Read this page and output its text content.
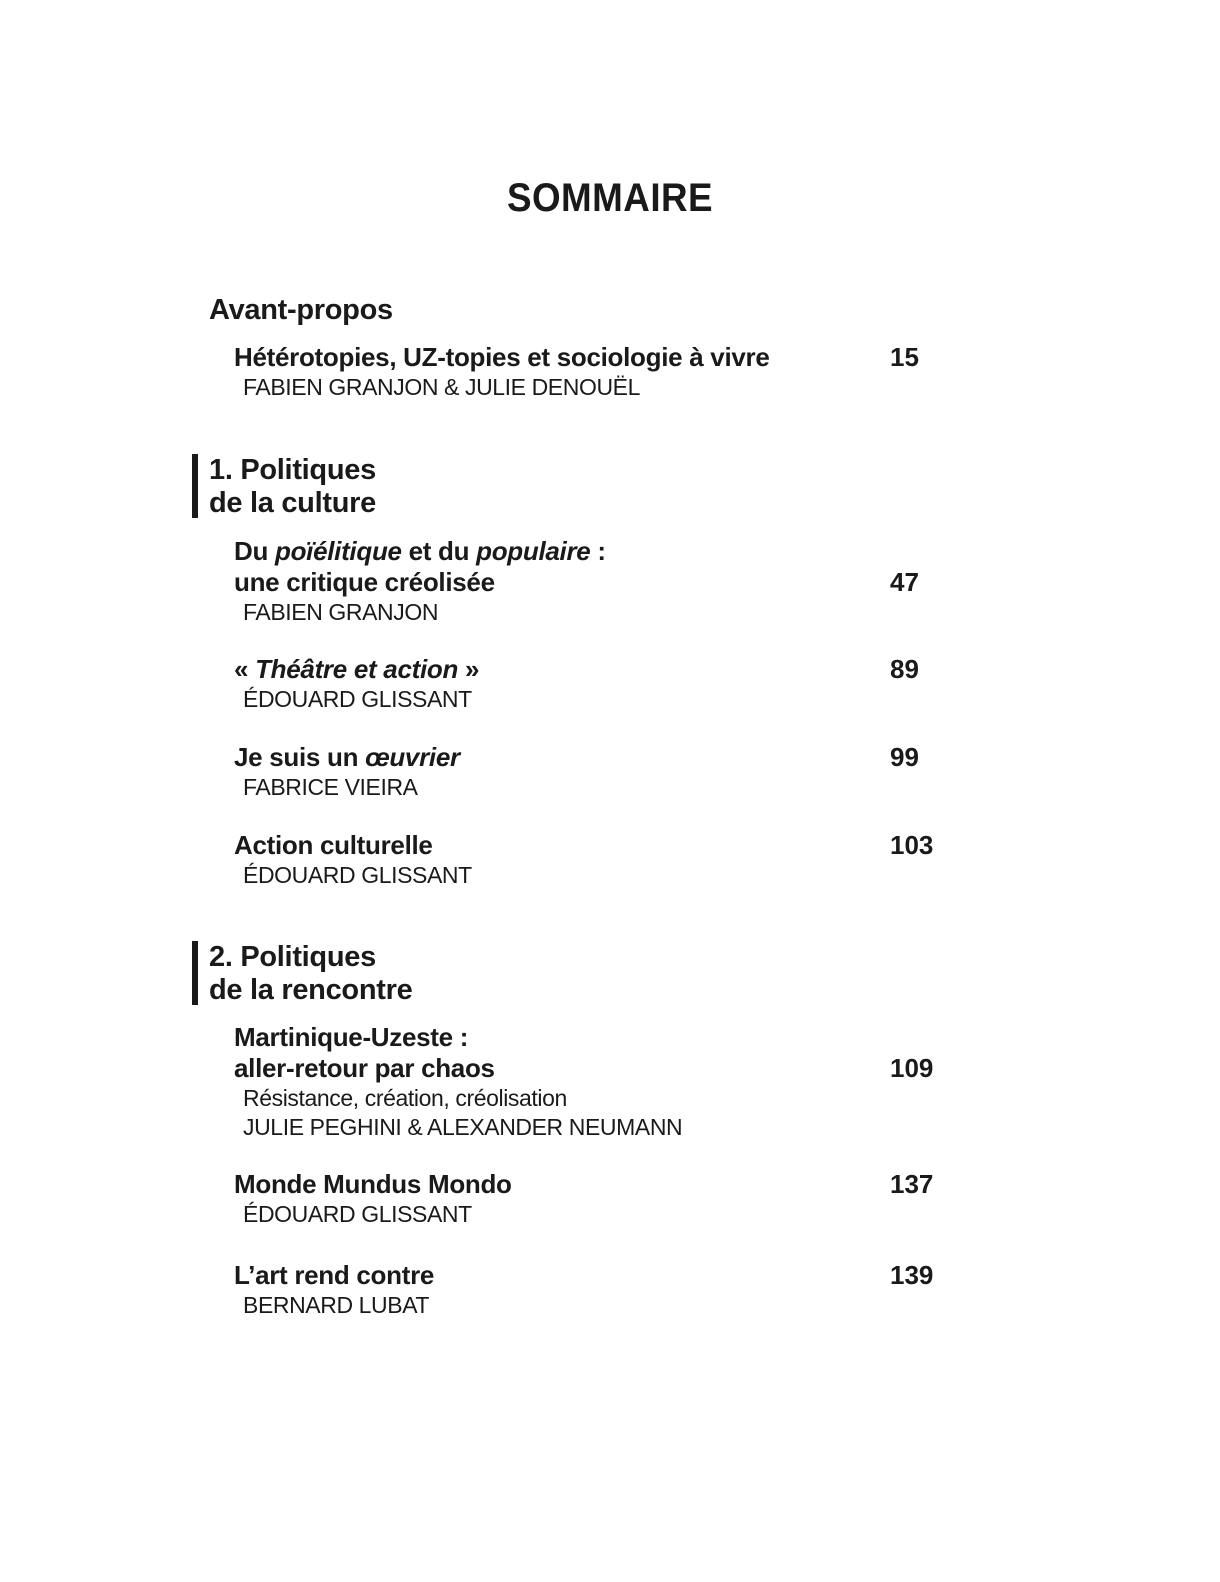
SOMMAIRE
Avant-propos
Hétérotopies, UZ-topies et sociologie à vivre
FABIEN GRANJON & JULIE DENOUËL
15
1. Politiques
de la culture
Du poïélitique et du populaire :
une critique créolisée
FABIEN GRANJON
47
« Théâtre et action »
ÉDOUARD GLISSANT
89
Je suis un œuvrier
FABRICE VIEIRA
99
Action culturelle
ÉDOUARD GLISSANT
103
2. Politiques
de la rencontre
Martinique-Uzeste :
aller-retour par chaos
Résistance, création, créolisation
JULIE PEGHINI & ALEXANDER NEUMANN
109
Monde Mundus Mondo
ÉDOUARD GLISSANT
137
L’art rend contre
BERNARD LUBAT
139
